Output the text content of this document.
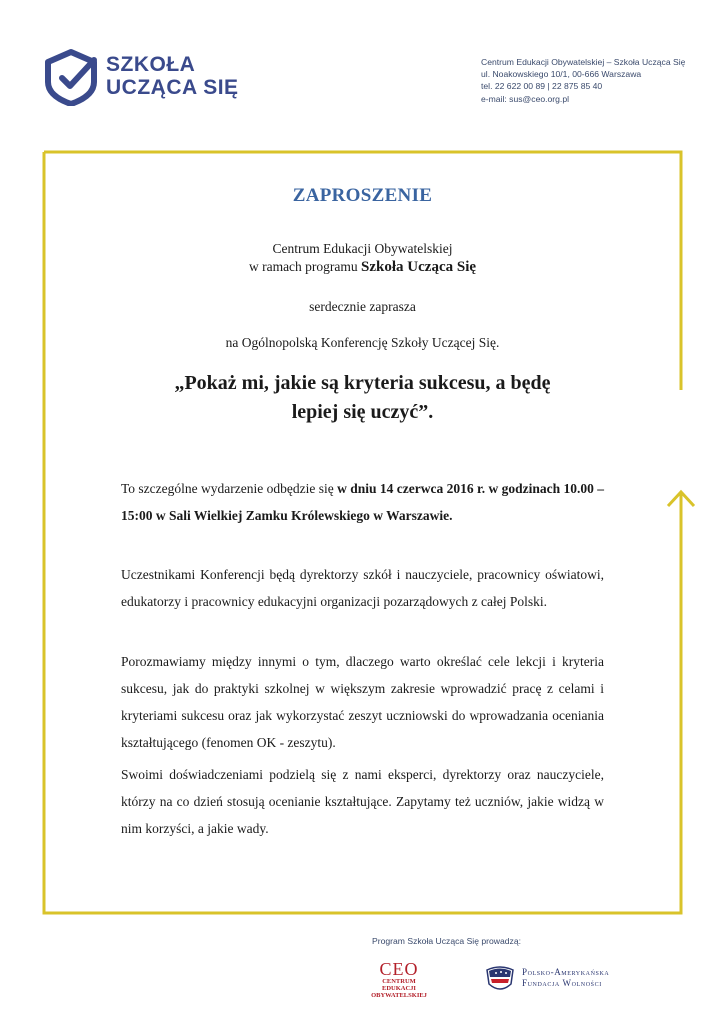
SZKOŁA
UCZĄCA SIĘ
Centrum Edukacji Obywatelskiej – Szkoła Ucząca Się
ul. Noakowskiego 10/1, 00-666 Warszawa
tel. 22 622 00 89 | 22 875 85 40
e-mail: sus@ceo.org.pl
ZAPROSZENIE
Centrum Edukacji Obywatelskiej
w ramach programu Szkoła Ucząca Się
serdecznie zaprasza
na Ogólnopolską Konferencję Szkoły Uczącej Się.
„Pokaż mi, jakie są kryteria sukcesu, a będę
lepiej się uczyć”.
To szczególne wydarzenie odbędzie się w dniu 14 czerwca 2016 r. w godzinach 10.00 – 15:00 w Sali Wielkiej Zamku Królewskiego w Warszawie.
Uczestnikami Konferencji będą dyrektorzy szkół i nauczyciele, pracownicy oświatowi, edukatorzy i pracownicy edukacyjni organizacji pozarządowych z całej Polski.
Porozmawiamy między innymi o tym, dlaczego warto określać cele lekcji i kryteria sukcesu, jak do praktyki szkolnej w większym zakresie wprowadzić pracę z celami i kryteriami sukcesu oraz jak wykorzystać zeszyt uczniowski do wprowadzania oceniania kształtującego (fenomen OK - zeszytu).
Swoimi doświadczeniami podzielą się z nami eksperci, dyrektorzy oraz nauczyciele, którzy na co dzień stosują ocenianie kształtujące. Zapytamy też uczniów, jakie widzą w nim korzyści, a jakie wady.
Program Szkoła Ucząca Się prowadzą:
CEO
CENTRUM EDUKACJI
OBYWATELSKIEJ
Polsko-Amerykańska
Fundacja Wolności
